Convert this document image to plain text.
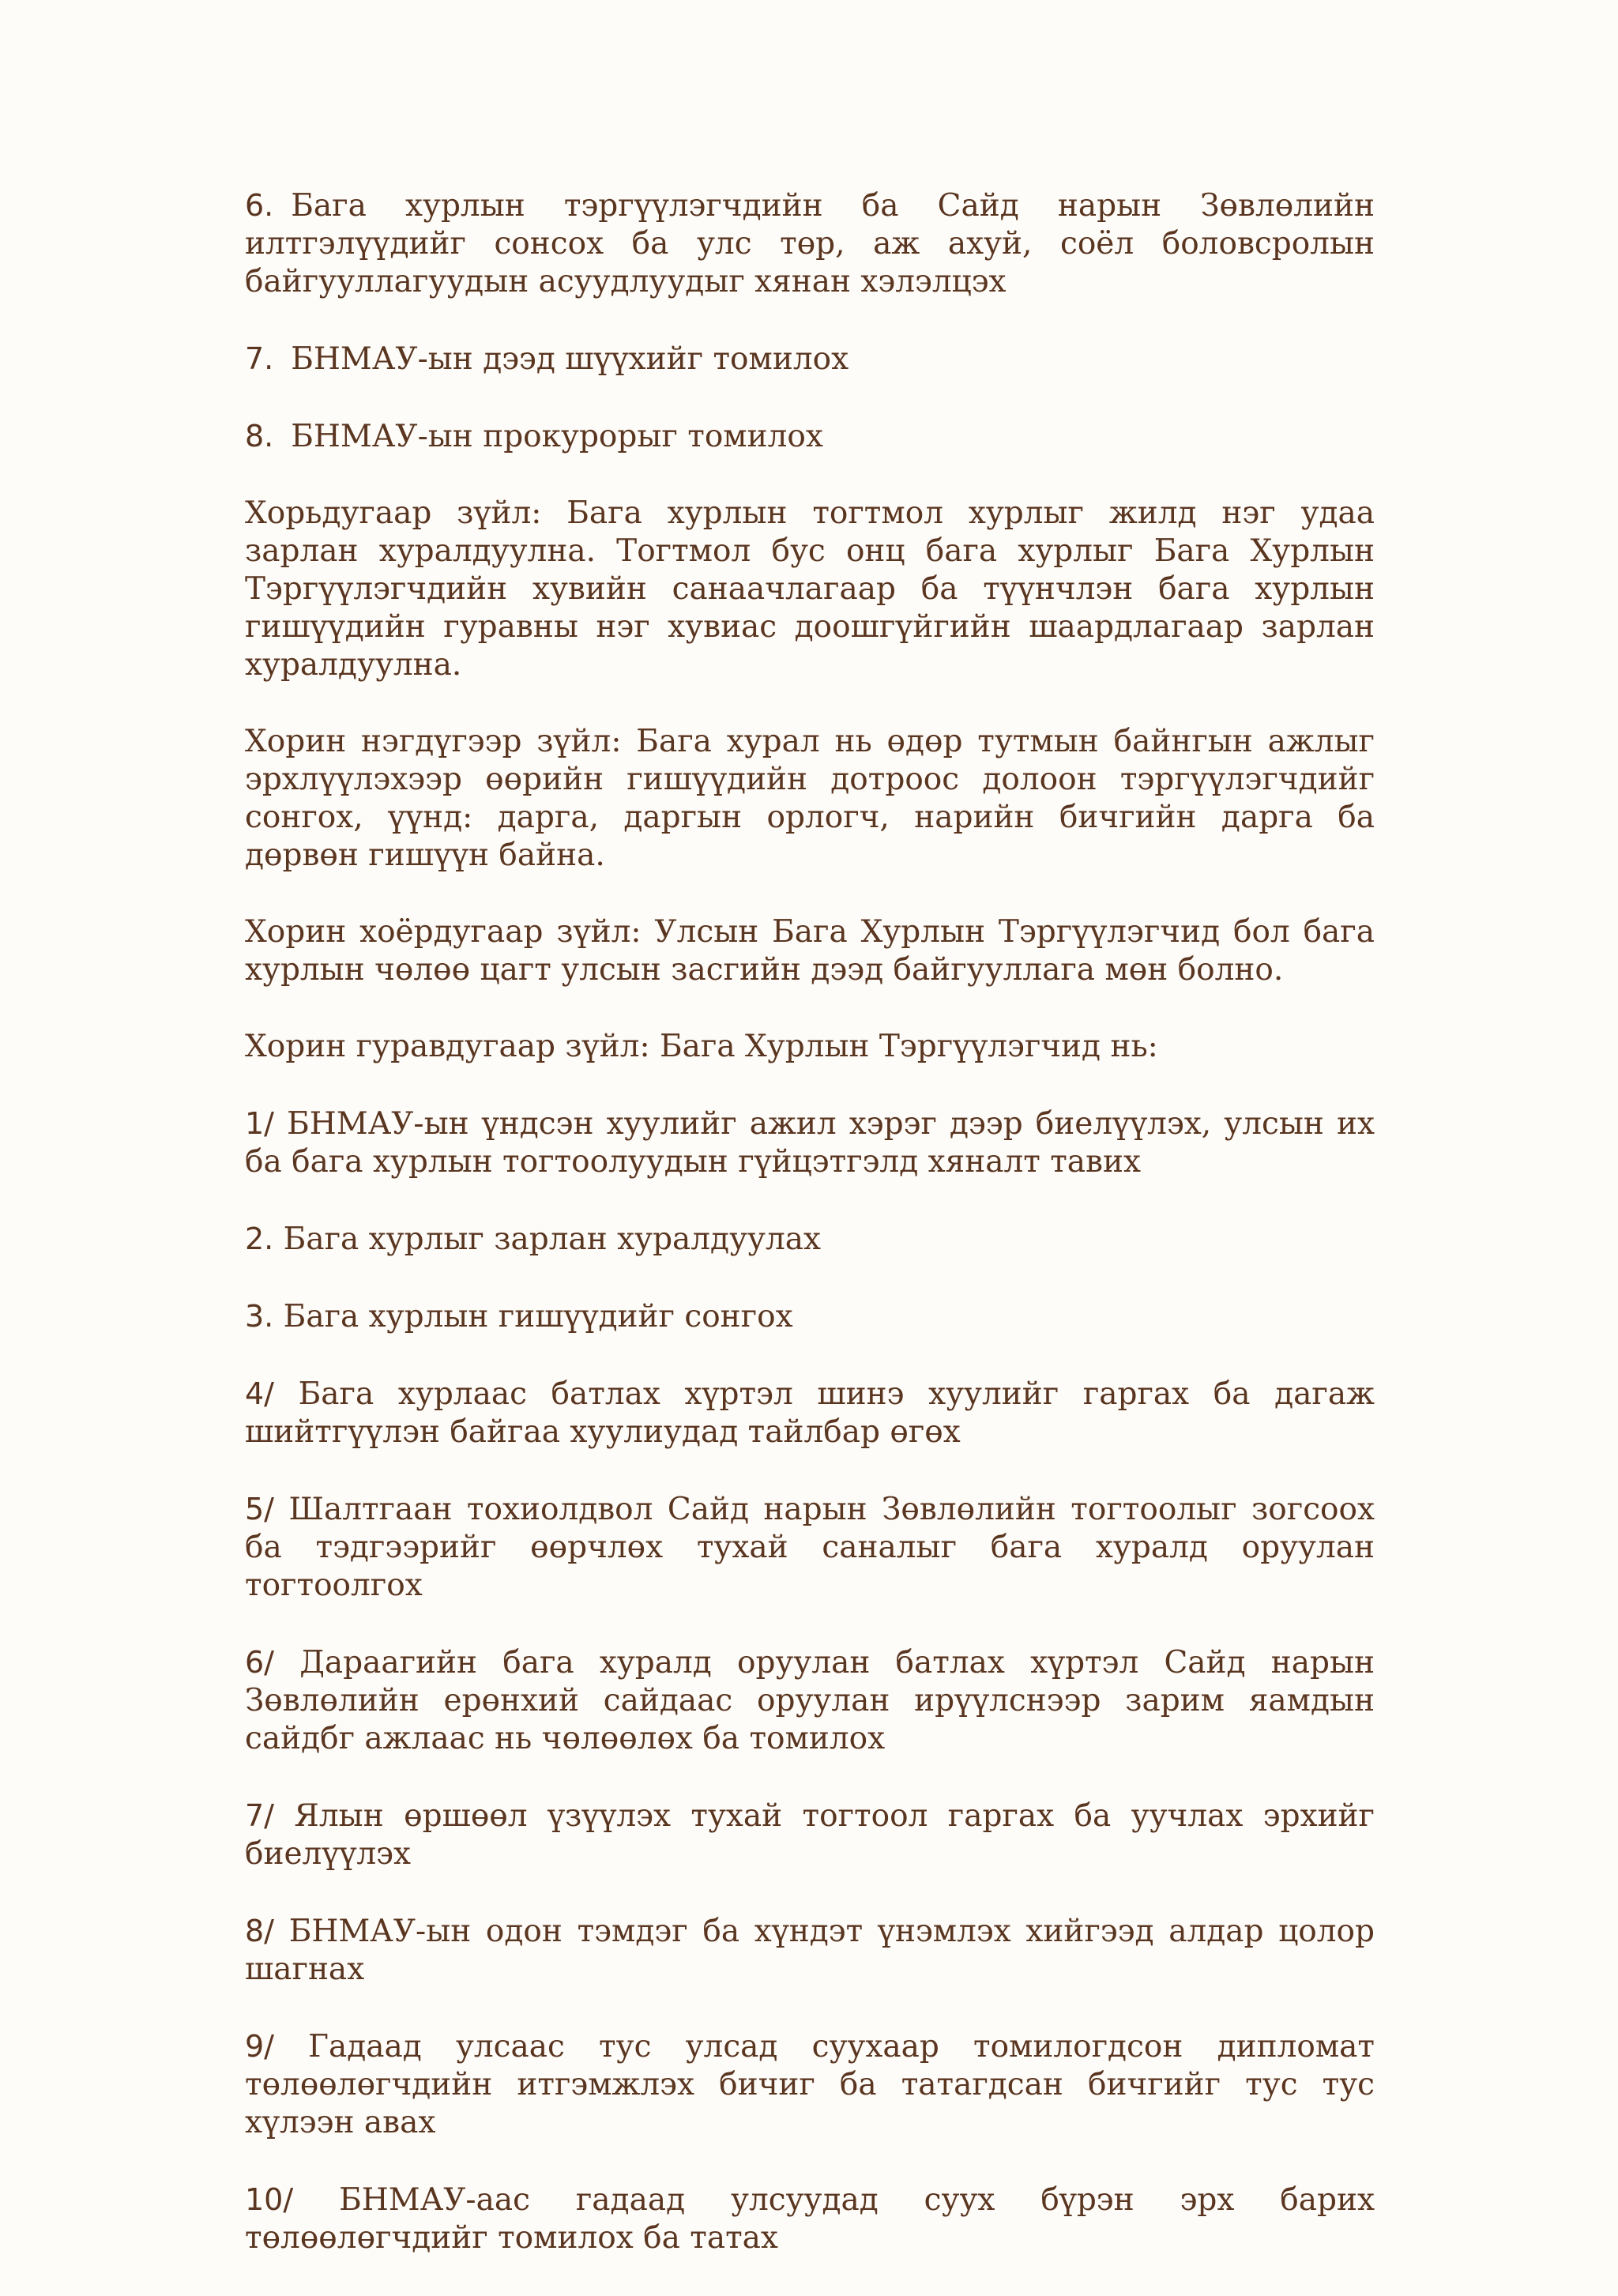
6. Бага хурлын тэргүүлэгчдийн ба Сайд нарын Зөвлөлийн илтгэлүүдийг сонсох ба улс төр, аж ахуй, соёл боловсролын байгууллагуудын асуудлуудыг хянан хэлэлцэх

7. БНМАУ-ын дээд шүүхийг томилох

8. БНМАУ-ын прокурорыг томилох

Хорьдугаар зүйл: Бага хурлын тогтмол хурлыг жилд нэг удаа зарлан хуралдуулна. Тогтмол бус онц бага хурлыг Бага Хурлын Тэргүүлэгчдийн хувийн санаачлагаар ба түүнчлэн бага хурлын гишүүдийн гуравны нэг хувиас доошгүйгийн шаардлагаар зарлан хуралдуулна.

Хорин нэгдүгээр зүйл: Бага хурал нь өдөр тутмын байнгын ажлыг эрхлүүлэхээр өөрийн гишүүдийн дотроос долоон тэргүүлэгчдийг сонгох, үүнд: дарга, даргын орлогч, нарийн бичгийн дарга ба дөрвөн гишүүн байна.

Хорин хоёрдугаар зүйл: Улсын Бага Хурлын Тэргүүлэгчид бол бага хурлын чөлөө цагт улсын засгийн дээд байгууллага мөн болно.

Хорин гуравдугаар зүйл: Бага Хурлын Тэргүүлэгчид нь:

1/ БНМАУ-ын үндсэн хуулийг ажил хэрэг дээр биелүүлэх, улсын их ба бага хурлын тогтоолуудын гүйцэтгэлд хяналт тавих

2. Бага хурлыг зарлан хуралдуулах

3. Бага хурлын гишүүдийг сонгох

4/ Бага хурлаас батлах хүртэл шинэ хуулийг гаргах ба дагаж шийтгүүлэн байгаа хуулиудад тайлбар өгөх

5/ Шалтгаан тохиолдвол Сайд нарын Зөвлөлийн тогтоолыг зогсоох ба тэдгээрийг өөрчлөх тухай саналыг бага хуралд оруулан тогтоолгох

6/ Дараагийн бага хуралд оруулан батлах хүртэл Сайд нарын Зөвлөлийн ерөнхий сайдаас оруулан ирүүлснээр зарим яамдын сайдбг ажлаас нь чөлөөлөх ба томилох

7/ Ялын өршөөл үзүүлэх тухай тогтоол гаргах ба уучлах эрхийг биелүүлэх

8/ БНМАУ-ын одон тэмдэг ба хүндэт үнэмлэх хийгээд алдар цолор шагнах

9/ Гадаад улсаас тус улсад суухаар томилогдсон дипломат төлөөлөгчдийн итгэмжлэх бичиг ба татагдсан бичгийг тус тус хүлээн авах

10/ БНМАУ-аас гадаад улсуудад суух бүрэн эрх барих төлөөлөгчдийг томилох ба татах
